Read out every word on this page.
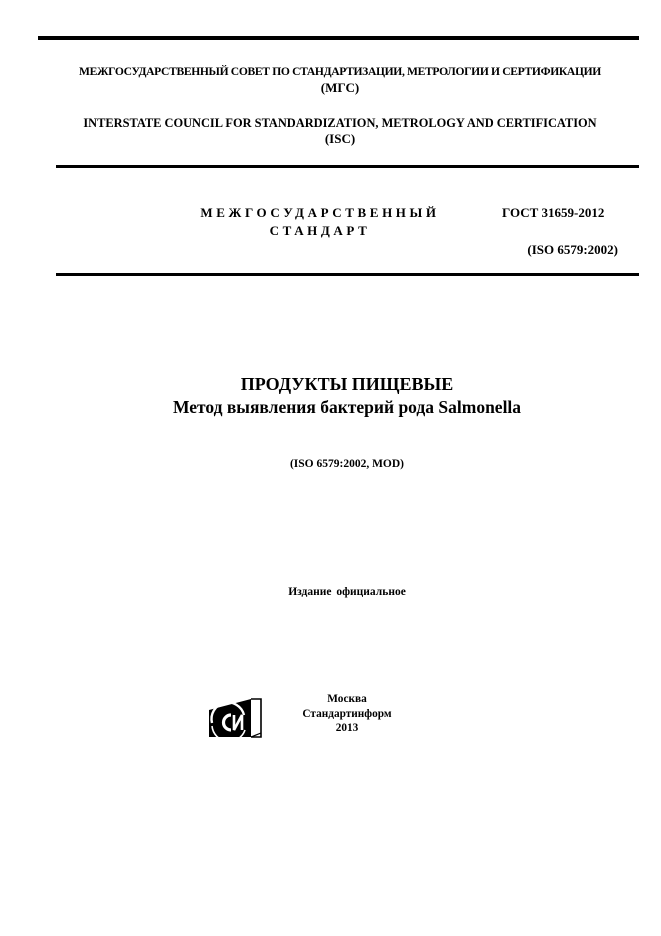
МЕЖГОСУДАРСТВЕННЫЙ СОВЕТ ПО СТАНДАРТИЗАЦИИ, МЕТРОЛОГИИ И СЕРТИФИКАЦИИ
(МГС)
INTERSTATE COUNCIL FOR STANDARDIZATION, METROLOGY AND CERTIFICATION
(ISC)
МЕЖГОСУДАРСТВЕННЫЙ
СТАНДАРТ
ГОСТ 31659-2012
(ISO 6579:2002)
ПРОДУКТЫ ПИЩЕВЫЕ
Метод выявления бактерий рода Salmonella
(ISO 6579:2002, MOD)
Издание официальное
Москва
Стандартинформ
2013
